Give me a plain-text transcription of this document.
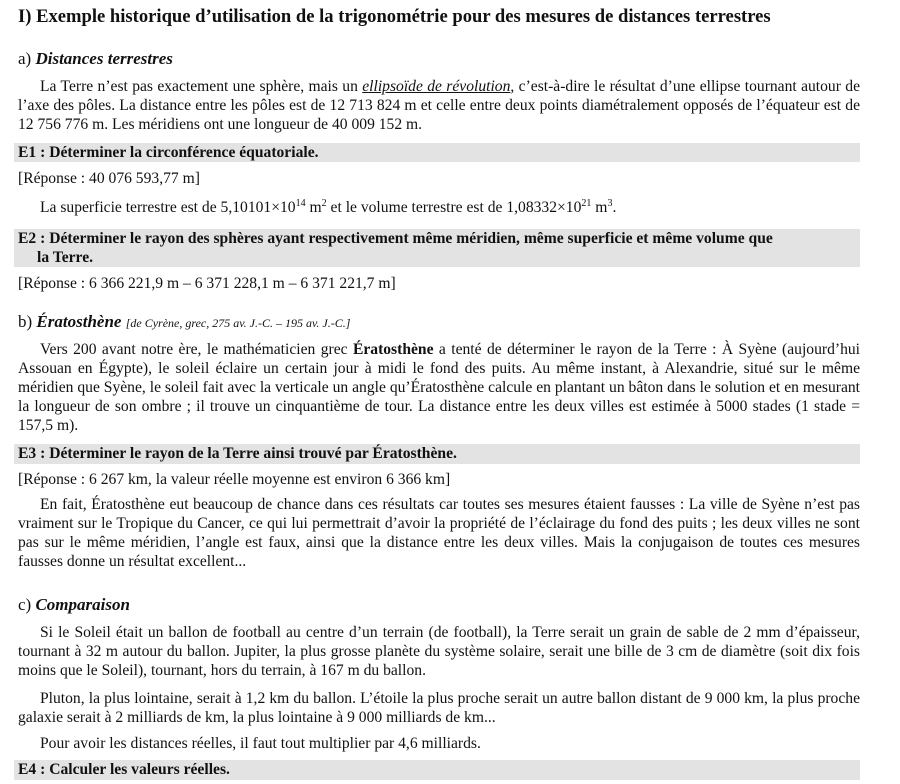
I) Exemple historique d’utilisation de la trigonométrie pour des mesures de distances terrestres
a) Distances terrestres
La Terre n’est pas exactement une sphère, mais un ellipsoïde de révolution, c’est-à-dire le résultat d’une ellipse tournant autour de l’axe des pôles. La distance entre les pôles est de 12 713 824 m et celle entre deux points diamétralement opposés de l’équateur est de 12 756 776 m. Les méridiens ont une longueur de 40 009 152 m.
E1 : Déterminer la circonférence équatoriale.
[Réponse : 40 076 593,77 m]
La superficie terrestre est de $5,10101\times 10^{14}$ $m^2$ et le volume terrestre est de $1,08332\times 10^{21}$ $m^3$.
E2 : Déterminer le rayon des sphères ayant respectivement même méridien, même superficie et même volume que
la Terre.
[Réponse : 6 366 221,9 m – 6 371 228,1 m – 6 371 221,7 m]
b) Ératosthène [de Cyrène, grec, 275 av. J.-C. – 195 av. J.-C.]
Vers 200 avant notre ère, le mathématicien grec Ératosthène a tenté de déterminer le rayon de la Terre : À Syène (aujourd’hui Assouan en Égypte), le soleil éclaire un certain jour à midi le fond des puits. Au même instant, à Alexandrie, situé sur le même méridien que Syène, le soleil fait avec la verticale un angle qu’Ératosthène calcule en plantant un bâton dans le solution et en mesurant la longueur de son ombre ; il trouve un cinquantième de tour. La distance entre les deux villes est estimée à 5000 stades (1 stade = 157,5 m).
E3 : Déterminer le rayon de la Terre ainsi trouvé par Ératosthène.
[Réponse : 6 267 km, la valeur réelle moyenne est environ 6 366 km]
En fait, Ératosthène eut beaucoup de chance dans ces résultats car toutes ses mesures étaient fausses : La ville de Syène n’est pas vraiment sur le Tropique du Cancer, ce qui lui permettrait d’avoir la propriété de l’éclairage du fond des puits ; les deux villes ne sont pas sur le même méridien, l’angle est faux, ainsi que la distance entre les deux villes. Mais la conjugaison de toutes ces mesures fausses donne un résultat excellent...
c) Comparaison
Si le Soleil était un ballon de football au centre d’un terrain (de football), la Terre serait un grain de sable de 2 mm d’épaisseur, tournant à 32 m autour du ballon. Jupiter, la plus grosse planète du système solaire, serait une bille de 3 cm de diamètre (soit dix fois moins que le Soleil), tournant, hors du terrain, à 167 m du ballon.
Pluton, la plus lointaine, serait à 1,2 km du ballon. L’étoile la plus proche serait un autre ballon distant de 9 000 km, la plus proche galaxie serait à 2 milliards de km, la plus lointaine à 9 000 milliards de km...
Pour avoir les distances réelles, il faut tout multiplier par 4,6 milliards.
E4 : Calculer les valeurs réelles.
